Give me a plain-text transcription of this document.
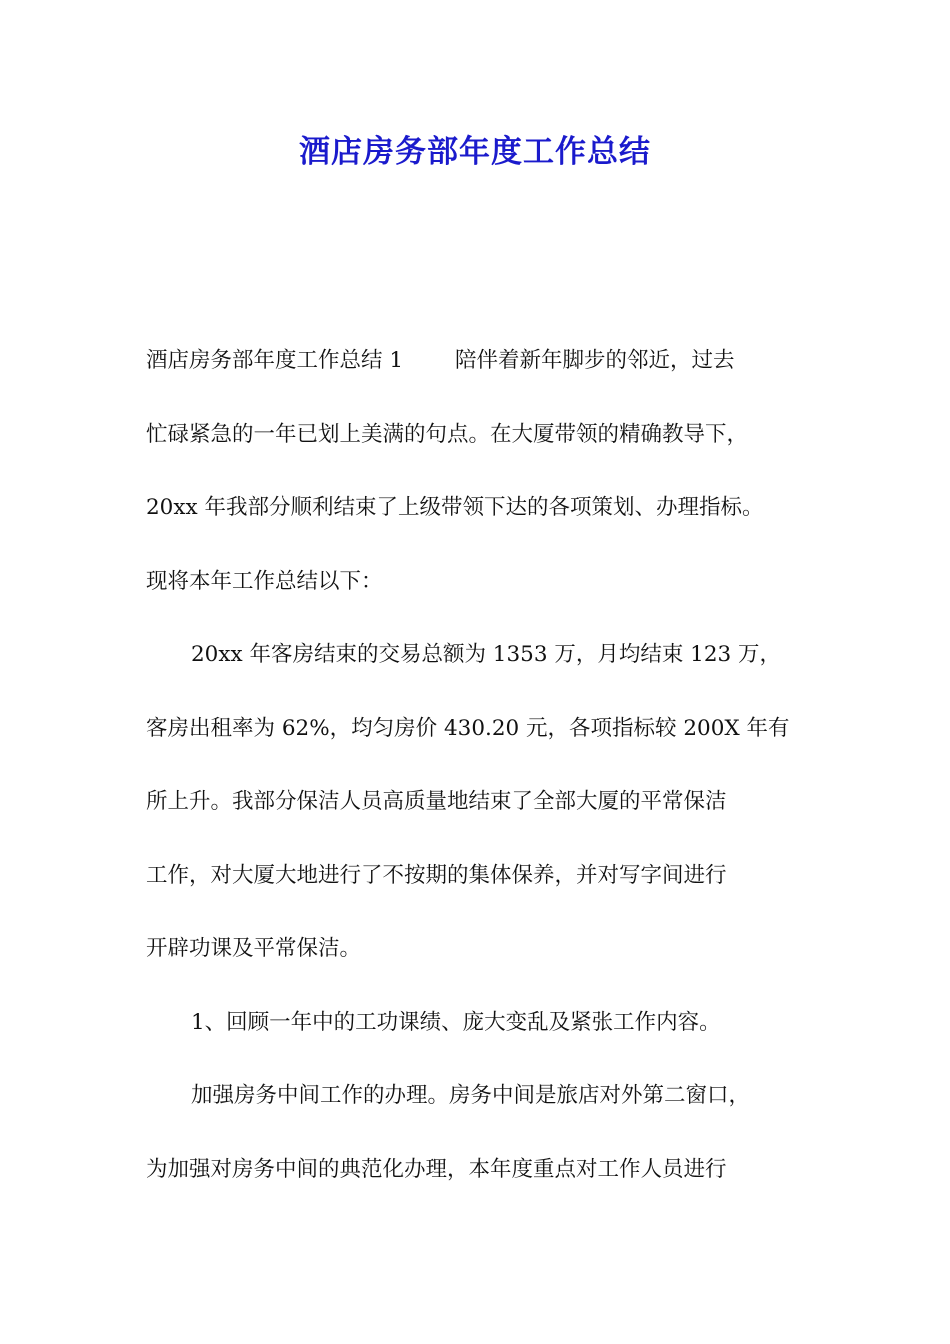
酒店房务部年度工作总结
酒店房务部年度工作总结 1 陪伴着新年脚步的邻近，过去
忙碌紧急的一年已划上美满的句点。在大厦带领的精确教导下，
20xx 年我部分顺利结束了上级带领下达的各项策划、办理指标。
现将本年工作总结以下：
20xx 年客房结束的交易总额为 1353 万，月均结束 123 万，
客房出租率为 62%，均匀房价 430.20 元，各项指标较 200X 年有
所上升。我部分保洁人员高质量地结束了全部大厦的平常保洁
工作，对大厦大地进行了不按期的集体保养，并对写字间进行
开辟功课及平常保洁。
1、回顾一年中的工功课绩、庞大变乱及紧张工作内容。
加强房务中间工作的办理。房务中间是旅店对外第二窗口，
为加强对房务中间的典范化办理，本年度重点对工作人员进行
